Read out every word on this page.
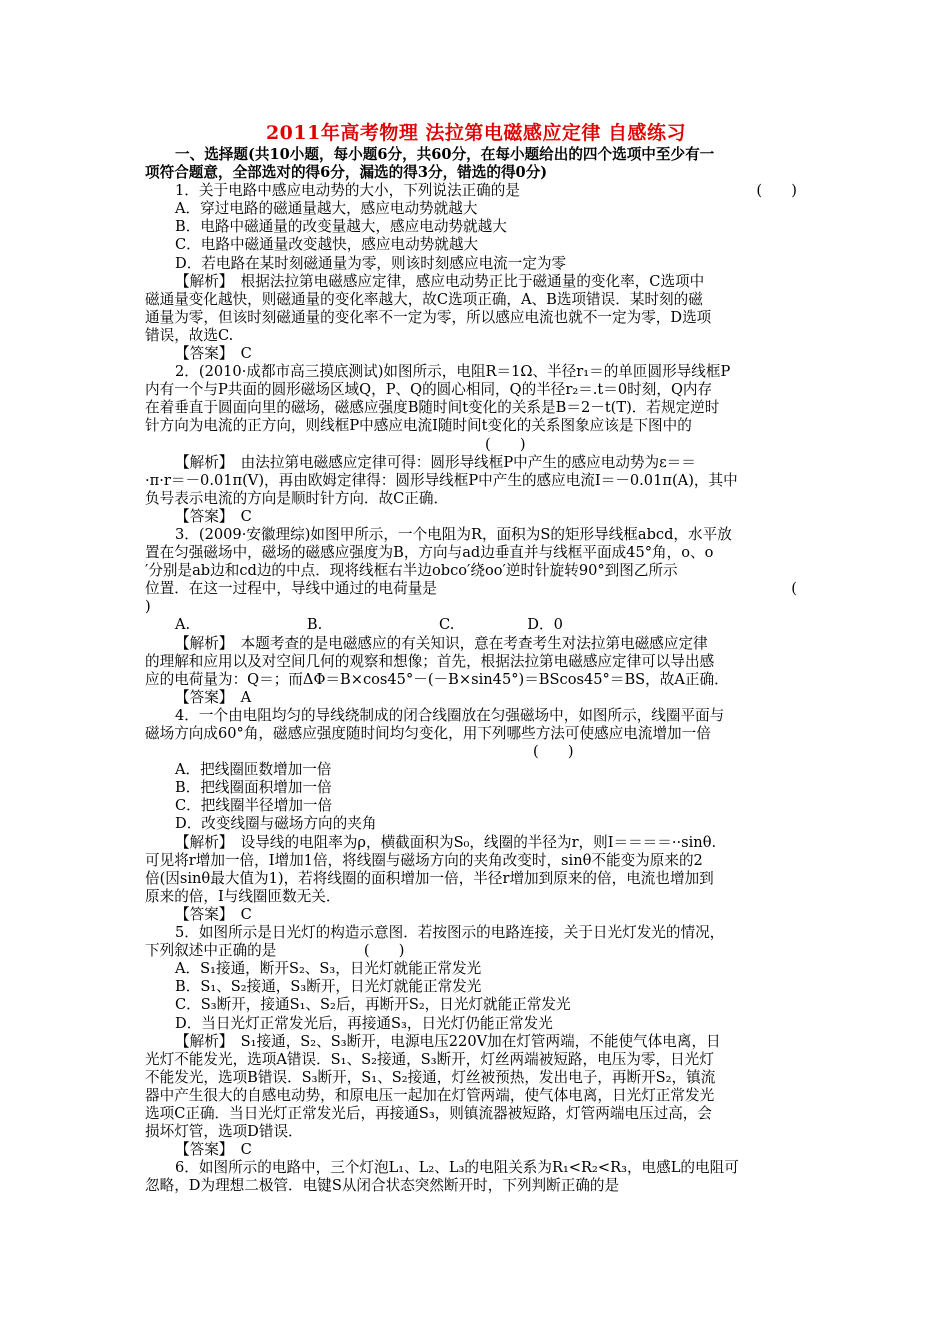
2011年高考物理 法拉第电磁感应定律 自感练习
一、选择题(共10小题，每小题6分，共60分，在每小题给出的四个选项中至少有一
项符合题意，全部选对的得6分，漏选的得3分，错选的得0分)
(　　)
1．关于电路中感应电动势的大小，下列说法正确的是
A．穿过电路的磁通量越大，感应电动势就越大
B．电路中磁通量的改变量越大，感应电动势就越大
C．电路中磁通量改变越快，感应电动势就越大
D．若电路在某时刻磁通量为零，则该时刻感应电流一定为零
【解析】　根据法拉第电磁感应定律，感应电动势正比于磁通量的变化率，C选项中
磁通量变化越快，则磁通量的变化率越大，故C选项正确，A、B选项错误．某时刻的磁
通量为零，但该时刻磁通量的变化率不一定为零，所以感应电流也就不一定为零，D选项
错误，故选C.
【答案】　C
2．(2010·成都市高三摸底测试)如图所示，电阻R＝1Ω、半径r₁＝的单匝圆形导线框P
内有一个与P共面的圆形磁场区域Q，P、Q的圆心相同，Q的半径r₂＝.t＝0时刻，Q内存
在着垂直于圆面向里的磁场，磁感应强度B随时间t变化的关系是B＝2－t(T)．若规定逆时
针方向为电流的正方向，则线框P中感应电流I随时间t变化的关系图象应该是下图中的
(　　)
【解析】　由法拉第电磁感应定律可得：圆形导线框P中产生的感应电动势为ε＝＝
·π·r＝－0.01π(V)，再由欧姆定律得：圆形导线框P中产生的感应电流I＝－0.01π(A)，其中
负号表示电流的方向是顺时针方向．故C正确．
【答案】　C
3．(2009·安徽理综)如图甲所示，一个电阻为R，面积为S的矩形导线框abcd，水平放
置在匀强磁场中，磁场的磁感应强度为B，方向与ad边垂直并与线框平面成45°角，o、o
′分别是ab边和cd边的中点．现将线框右半边obco′绕oo′逆时针旋转90°到图乙所示
(
位置．在这一过程中，导线中通过的电荷量是
)
A.　　　　　　　　B.　　　　　　　　C.　　　　　D．0
【解析】　本题考查的是电磁感应的有关知识，意在考查考生对法拉第电磁感应定律
的理解和应用以及对空间几何的观察和想像；首先，根据法拉第电磁感应定律可以导出感
应的电荷量为：Q＝；而ΔΦ＝B×cos45°－(－B×sin45°)＝BScos45°＝BS，故A正确．
【答案】　A
4．一个由电阻均匀的导线绕制成的闭合线圈放在匀强磁场中，如图所示，线圈平面与
磁场方向成60°角，磁感应强度随时间均匀变化，用下列哪些方法可使感应电流增加一倍
(　　)
A．把线圈匝数增加一倍
B．把线圈面积增加一倍
C．把线圈半径增加一倍
D．改变线圈与磁场方向的夹角
【解析】　设导线的电阻率为ρ，横截面积为S₀，线圈的半径为r，则I＝＝＝＝··sinθ.
可见将r增加一倍，I增加1倍，将线圈与磁场方向的夹角改变时，sinθ不能变为原来的2
倍(因sinθ最大值为1)，若将线圈的面积增加一倍，半径r增加到原来的倍，电流也增加到
原来的倍，I与线圈匝数无关．
【答案】　C
5．如图所示是日光灯的构造示意图．若按图示的电路连接，关于日光灯发光的情况，
下列叙述中正确的是　　　　　　(　　)
A．S₁接通，断开S₂、S₃，日光灯就能正常发光
B．S₁、S₂接通，S₃断开，日光灯就能正常发光
C．S₃断开，接通S₁、S₂后，再断开S₂，日光灯就能正常发光
D．当日光灯正常发光后，再接通S₃，日光灯仍能正常发光
【解析】　S₁接通，S₂、S₃断开，电源电压220V加在灯管两端，不能使气体电离，日
光灯不能发光，选项A错误．S₁、S₂接通，S₃断开，灯丝两端被短路，电压为零，日光灯
不能发光，选项B错误．S₃断开，S₁、S₂接通，灯丝被预热，发出电子，再断开S₂，镇流
器中产生很大的自感电动势，和原电压一起加在灯管两端，使气体电离，日光灯正常发光
选项C正确．当日光灯正常发光后，再接通S₃，则镇流器被短路，灯管两端电压过高，会
损坏灯管，选项D错误．
【答案】　C
6．如图所示的电路中，三个灯泡L₁、L₂、L₃的电阻关系为R₁<R₂<R₃，电感L的电阻可
忽略，D为理想二极管．电键S从闭合状态突然断开时，下列判断正确的是
